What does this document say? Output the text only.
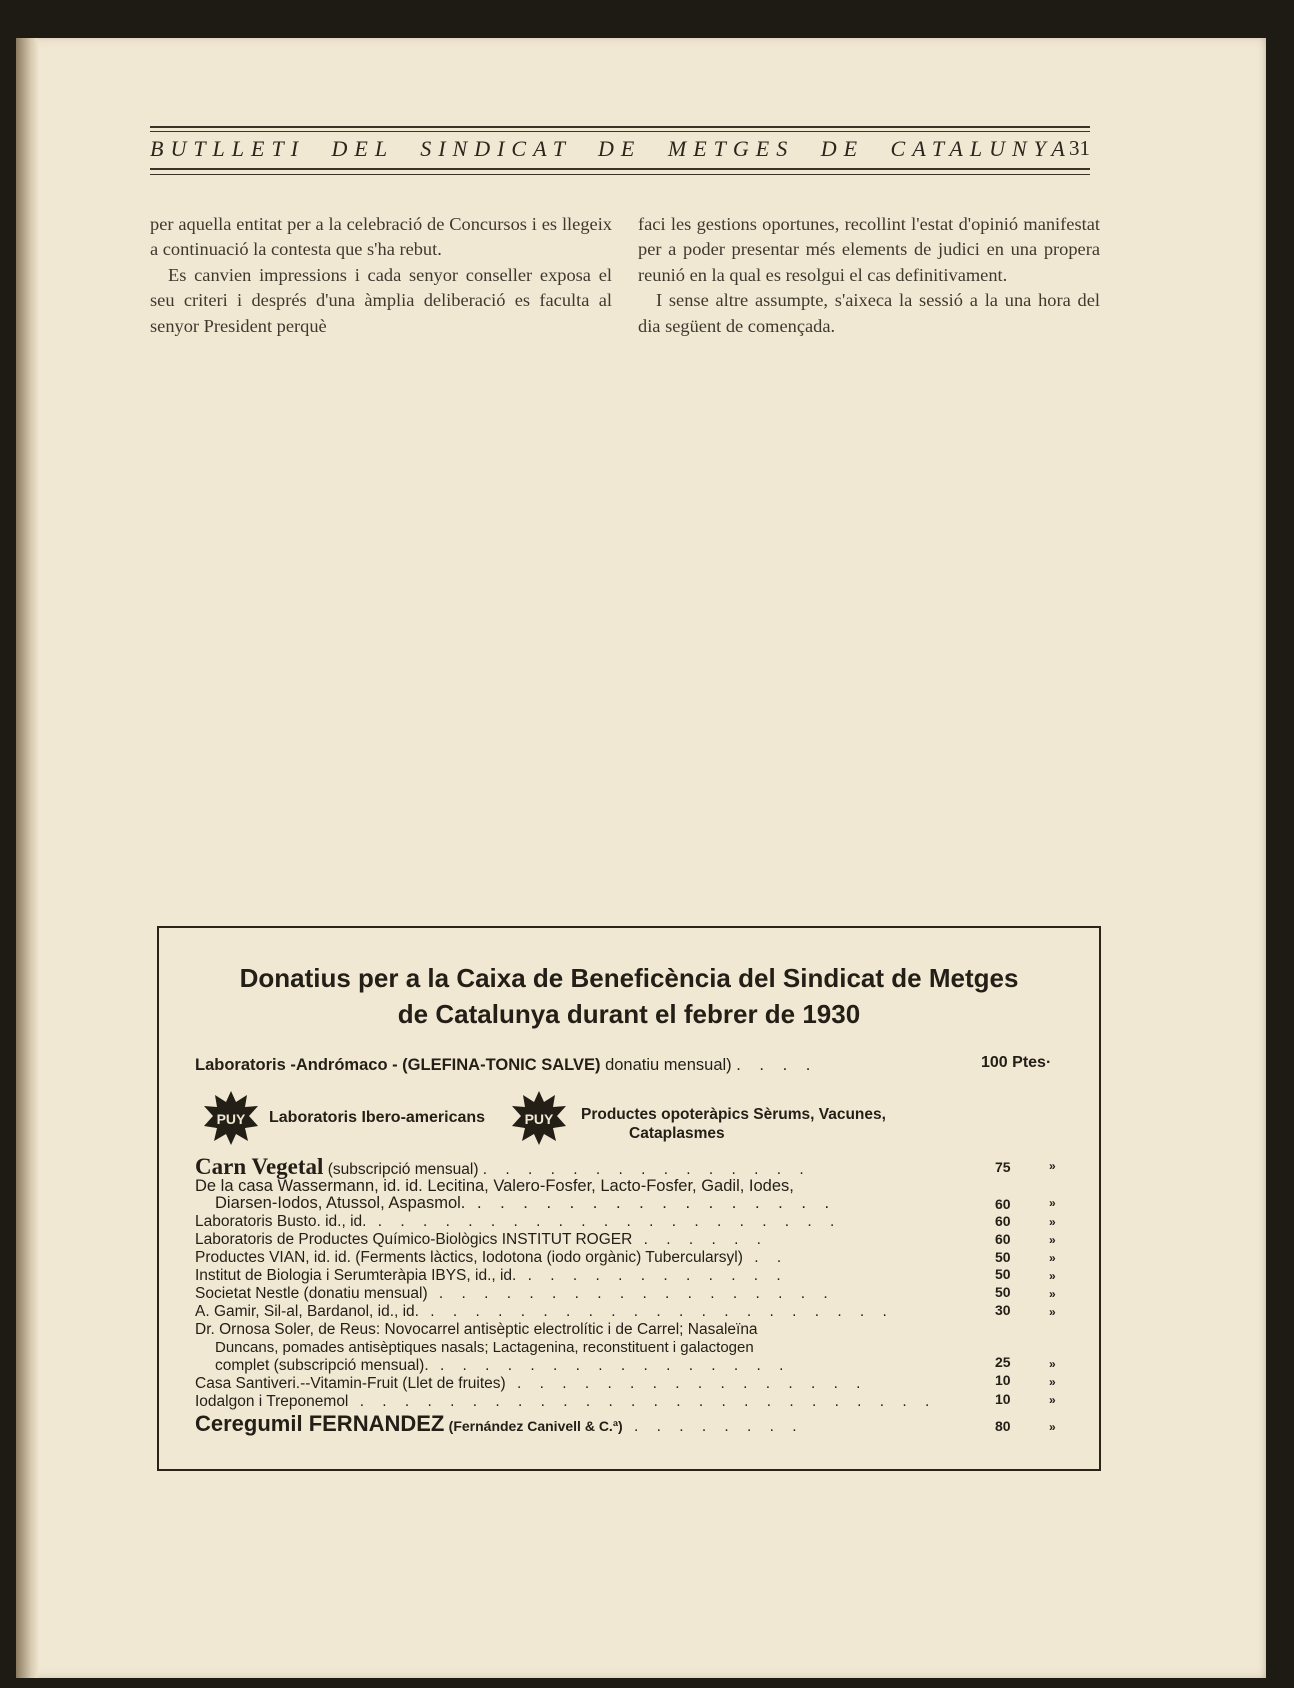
BUTLLETI DEL SINDICAT DE METGES DE CATALUNYA
31

per aquella entitat per a la celebració de Concursos i es llegeix a continuació la contesta que s'ha rebut.

Es canvien impressions i cada senyor conseller exposa el seu criteri i després d'una àmplia deliberació es faculta al senyor President perquè

faci les gestions oportunes, recollint l'estat d'opinió manifestat per a poder presentar més elements de judici en una propera reunió en la qual es resolgui el cas definitivament.

I sense altre assumpte, s'aixeca la sessió a la una hora del dia següent de començada.

Donatius per a la Caixa de Beneficència del Sindicat de Metges
de Catalunya durant el febrer de 1930
Laboratoris -Andrómaco - (GLEFINA-TONIC SALVE) donatiu mensual) . . . .	100 Ptes·
PUY Laboratoris Ibero-americans	PUY Productes opoteràpics Sèrums, Vacunes,
Cataplasmes
Carn Vegetal (subscripció mensual) . . . . . . . . . . . . . . .	75	»
De la casa Wassermann, id. id. Lecitina, Valero-Fosfer, Lacto-Fosfer, Gadil, Iodes,
Diarsen-Iodos, Atussol, Aspasmol. . . . . . . . . . . . . . . . .	60	»
Laboratoris Busto. id., id. . . . . . . . . . . . . . . . . . . . . .	60	»
Laboratoris de Productes Químico-Biològics INSTITUT ROGER . . . . . .	60	»
Productes VIAN, id. id. (Ferments làctics, Iodotona (iodo orgànic) Tubercularsyl) . .	50	»
Institut de Biologia i Serumteràpia IBYS, id., id. . . . . . . . . . . . .	50	»
Societat Nestle (donatiu mensual) . . . . . . . . . . . . . . . . . .	50	»
A. Gamir, Sil-al, Bardanol, id., id. . . . . . . . . . . . . . . . . . . . . .	30	»
Dr. Ornosa Soler, de Reus: Novocarrel antisèptic electrolític i de Carrel; Nasaleïna
Duncans, pomades antisèptiques nasals; Lactagenina, reconstituent i galactogen
complet (subscripció mensual). . . . . . . . . . . . . . . . .	25	»
Casa Santiveri.--Vitamin-Fruit (Llet de fruites) . . . . . . . . . . . . . . . .	10	»
Iodalgon i Treponemol . . . . . . . . . . . . . . . . . . . . . . . . . .	10	»
Ceregumil FERNANDEZ (Fernández Canivell & C.ª) . . . . . . . .	80	»
